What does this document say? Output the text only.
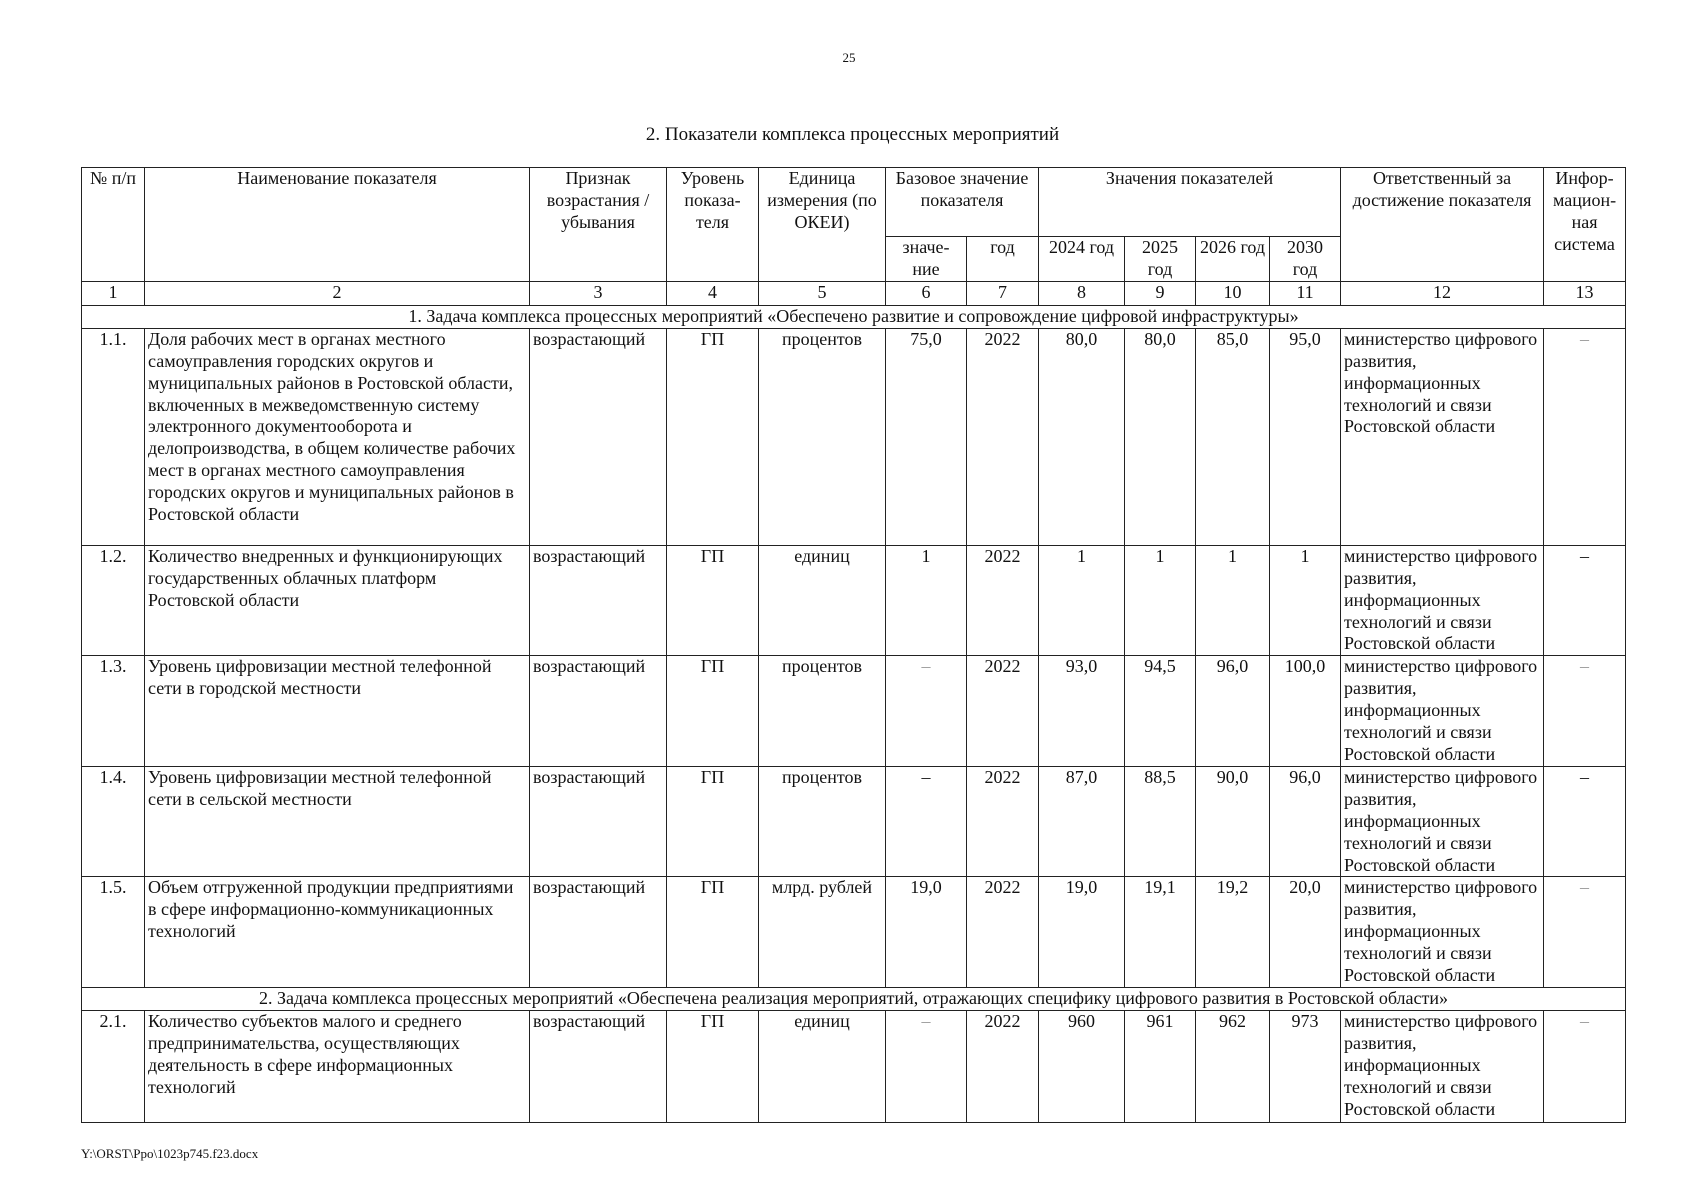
25
2. Показатели комплекса процессных мероприятий
№ п/п	Наименование показателя	Признак возрастания / убывания	Уровень показа-теля	Единица измерения (по ОКЕИ)	Базовое значение показателя		Значения показателей				Ответственный за достижение показателя	Инфор-мацион-ная система
					значе-ние	год	2024 год	2025 год	2026 год	2030 год		
1	2	3	4	5	6	7	8	9	10	11	12	13
1. Задача комплекса процессных мероприятий «Обеспечено развитие и сопровождение цифровой инфраструктуры»												
1.1.	Доля рабочих мест в органах местного самоуправления городских округов и муниципальных районов в Ростовской области, включенных в межведомственную систему электронного документооборота и делопроизводства, в общем количестве рабочих мест в органах местного самоуправления городских округов и муниципальных районов в Ростовской области	возрастающий	ГП	процентов	75,0	2022	80,0	80,0	85,0	95,0	министерство цифрового развития, информационных технологий и связи Ростовской области	–
1.2.	Количество внедренных и функционирующих государственных облачных платформ Ростовской области	возрастающий	ГП	единиц	1	2022	1	1	1	1	министерство цифрового развития, информационных технологий и связи Ростовской области	–
1.3.	Уровень цифровизации местной телефонной сети в городской местности	возрастающий	ГП	процентов	–	2022	93,0	94,5	96,0	100,0	министерство цифрового развития, информационных технологий и связи Ростовской области	–
1.4.	Уровень цифровизации местной телефонной сети в сельской местности	возрастающий	ГП	процентов	–	2022	87,0	88,5	90,0	96,0	министерство цифрового развития, информационных технологий и связи Ростовской области	–
1.5.	Объем отгруженной продукции предприятиями в сфере информационно-коммуникационных технологий	возрастающий	ГП	млрд. рублей	19,0	2022	19,0	19,1	19,2	20,0	министерство цифрового развития, информационных технологий и связи Ростовской области	–
2. Задача комплекса процессных мероприятий «Обеспечена реализация мероприятий, отражающих специфику цифрового развития в Ростовской области»												
2.1.	Количество субъектов малого и среднего предпринимательства, осуществляющих деятельность в сфере информационных технологий	возрастающий	ГП	единиц	–	2022	960	961	962	973	министерство цифрового развития, информационных технологий и связи Ростовской области	–
Y:\ORST\Ppo\1023p745.f23.docx
